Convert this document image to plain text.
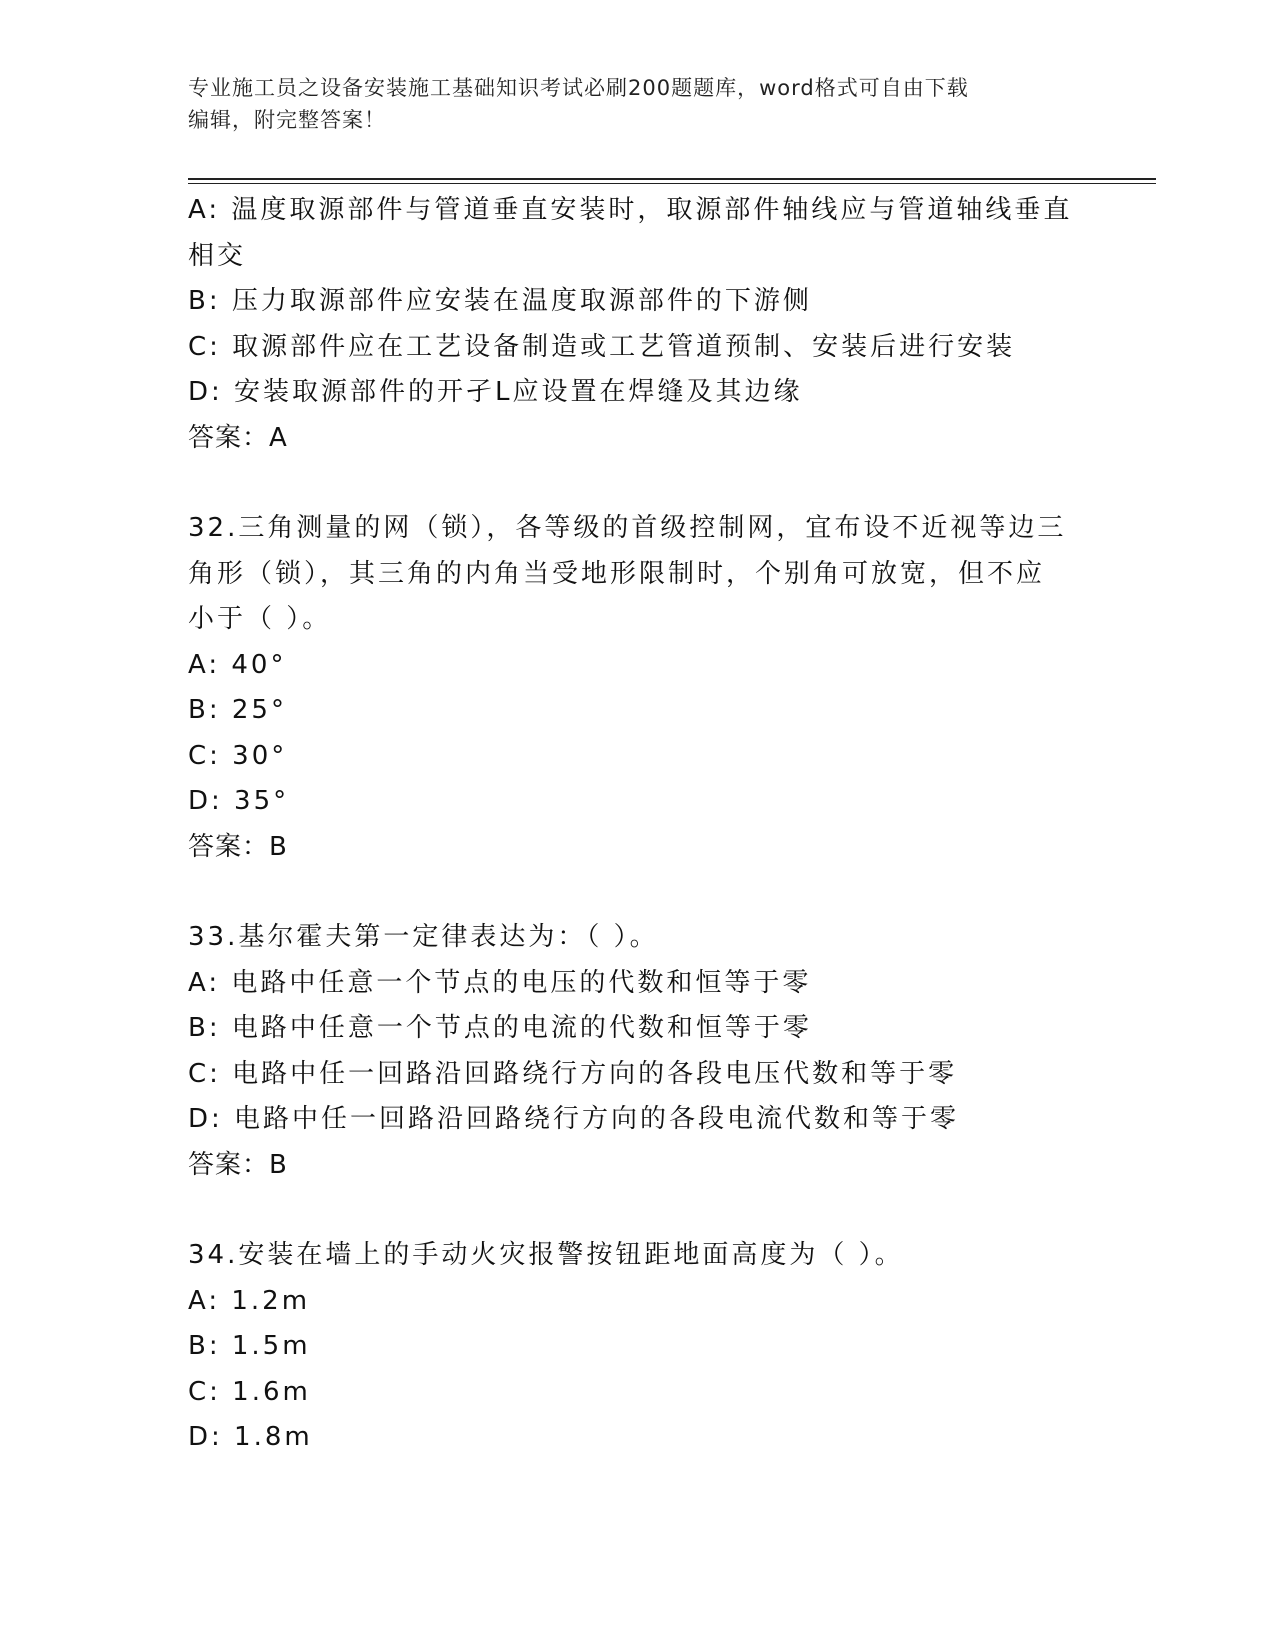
专业施工员之设备安装施工基础知识考试必刷200题题库，word格式可自由下载
编辑，附完整答案！
A: 温度取源部件与管道垂直安装时，取源部件轴线应与管道轴线垂直
相交
B: 压力取源部件应安装在温度取源部件的下游侧
C: 取源部件应在工艺设备制造或工艺管道预制、安装后进行安装
D: 安装取源部件的开孑L应设置在焊缝及其边缘
答案：A
32.三角测量的网（锁），各等级的首级控制网，宜布设不近视等边三
角形（锁），其三角的内角当受地形限制时，个别角可放宽，但不应
小于（ ）。
A: 40°
B: 25°
C: 30°
D: 35°
答案：B
33.基尔霍夫第一定律表达为：（ ）。
A: 电路中任意一个节点的电压的代数和恒等于零
B: 电路中任意一个节点的电流的代数和恒等于零
C: 电路中任一回路沿回路绕行方向的各段电压代数和等于零
D: 电路中任一回路沿回路绕行方向的各段电流代数和等于零
答案：B
34.安装在墙上的手动火灾报警按钮距地面高度为（ ）。
A: 1.2m
B: 1.5m
C: 1.6m
D: 1.8m
